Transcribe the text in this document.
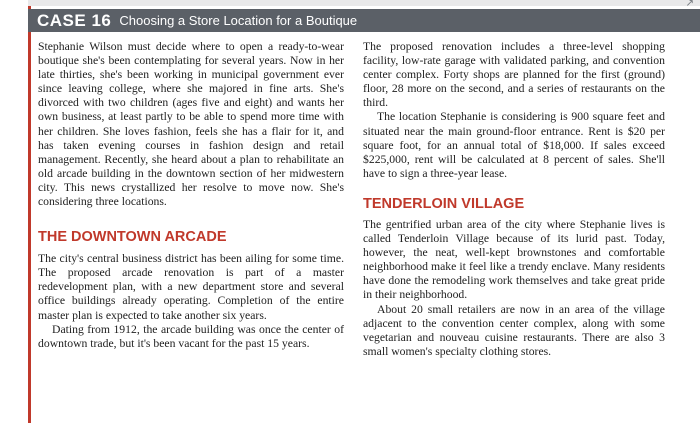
↗
CASE 16 Choosing a Store Location for a Boutique

Stephanie Wilson must decide where to open a ready-to-wear boutique she's been contemplating for several years. Now in her late thirties, she's been working in municipal government ever since leaving college, where she majored in fine arts. She's divorced with two children (ages five and eight) and wants her own business, at least partly to be able to spend more time with her children. She loves fashion, feels she has a flair for it, and has taken evening courses in fashion design and retail management. Recently, she heard about a plan to rehabilitate an old arcade building in the downtown section of her midwestern city. This news crystallized her resolve to move now. She's considering three locations.

THE DOWNTOWN ARCADE

The city's central business district has been ailing for some time. The proposed arcade renovation is part of a master redevelopment plan, with a new department store and several office buildings already operating. Completion of the entire master plan is expected to take another six years.

Dating from 1912, the arcade building was once the center of downtown trade, but it's been vacant for the past 15 years.

The proposed renovation includes a three-level shopping facility, low-rate garage with validated parking, and convention center complex. Forty shops are planned for the first (ground) floor, 28 more on the second, and a series of restaurants on the third.

The location Stephanie is considering is 900 square feet and situated near the main ground-floor entrance. Rent is $20 per square foot, for an annual total of $18,000. If sales exceed $225,000, rent will be calculated at 8 percent of sales. She'll have to sign a three-year lease.

TENDERLOIN VILLAGE

The gentrified urban area of the city where Stephanie lives is called Tenderloin Village because of its lurid past. Today, however, the neat, well-kept brownstones and comfortable neighborhood make it feel like a trendy enclave. Many residents have done the remodeling work themselves and take great pride in their neighborhood.

About 20 small retailers are now in an area of the village adjacent to the convention center complex, along with some vegetarian and nouveau cuisine restaurants. There are also 3 small women's specialty clothing stores.
